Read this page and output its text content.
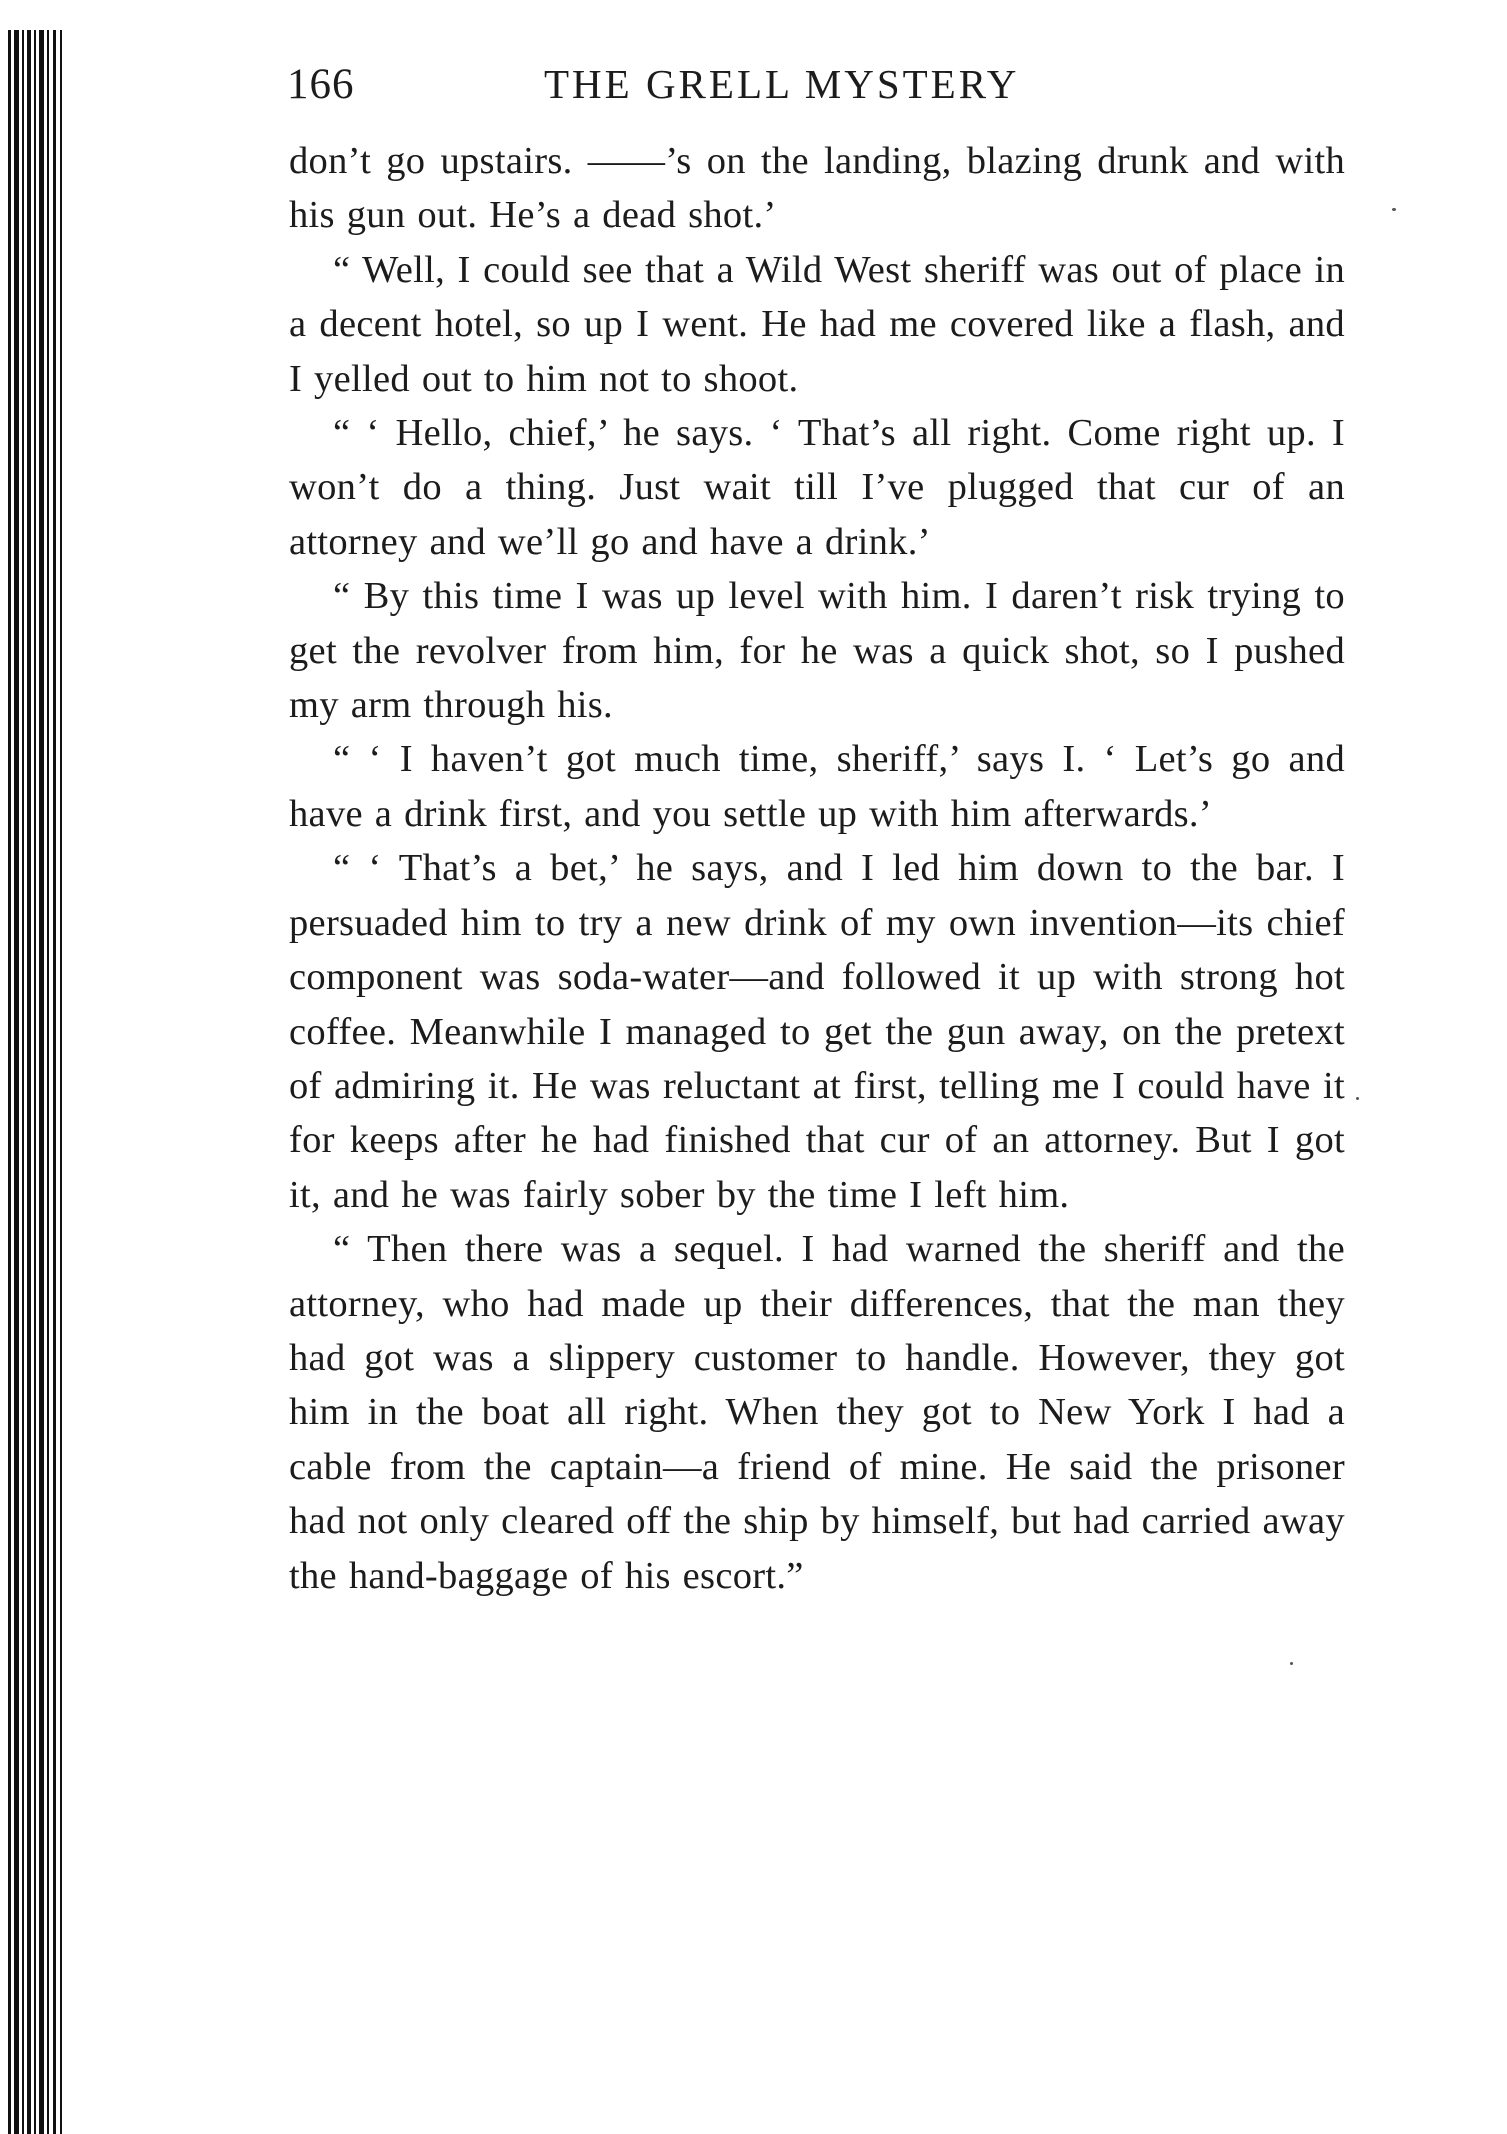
166	THE GRELL MYSTERY

don’t go upstairs. ——’s on the landing, blazing drunk and with his gun out. He’s a dead shot.’

“ Well, I could see that a Wild West sheriff was out of place in a decent hotel, so up I went. He had me covered like a flash, and I yelled out to him not to shoot.

“ ‘ Hello, chief,’ he says. ‘ That’s all right. Come right up. I won’t do a thing. Just wait till I’ve plugged that cur of an attorney and we’ll go and have a drink.’

“ By this time I was up level with him. I daren’t risk trying to get the revolver from him, for he was a quick shot, so I pushed my arm through his.

“ ‘ I haven’t got much time, sheriff,’ says I. ‘ Let’s go and have a drink first, and you settle up with him afterwards.’

“ ‘ That’s a bet,’ he says, and I led him down to the bar. I persuaded him to try a new drink of my own invention—its chief component was soda-water—and followed it up with strong hot coffee. Meanwhile I managed to get the gun away, on the pretext of admiring it. He was reluctant at first, telling me I could have it for keeps after he had finished that cur of an attorney. But I got it, and he was fairly sober by the time I left him.

“ Then there was a sequel. I had warned the sheriff and the attorney, who had made up their differences, that the man they had got was a slippery customer to handle. However, they got him in the boat all right. When they got to New York I had a cable from the captain—a friend of mine. He said the prisoner had not only cleared off the ship by himself, but had carried away the hand-baggage of his escort.”
